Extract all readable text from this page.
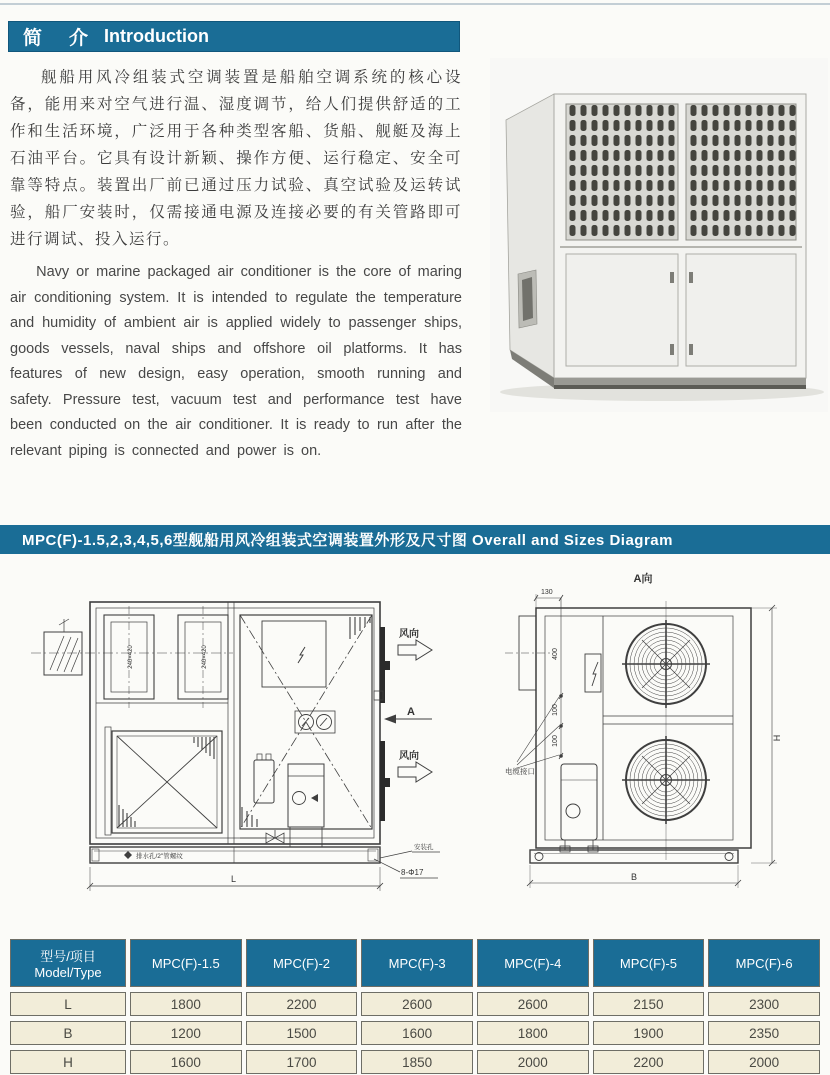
简　介 Introduction

舰船用风冷组装式空调装置是船舶空调系统的核心设备，能用来对空气进行温、湿度调节，给人们提供舒适的工作和生活环境，广泛用于各种类型客船、货船、舰艇及海上石油平台。它具有设计新颖、操作方便、运行稳定、安全可靠等特点。装置出厂前已通过压力试验、真空试验及运转试验，船厂安装时，仅需接通电源及连接必要的有关管路即可进行调试、投入运行。

Navy or marine packaged air conditioner is the core of maring air conditioning system. It is intended to regulate the temperature and humidity of ambient air is applied widely to passenger ships, goods vessels, naval ships and offshore oil platforms. It has features of new design, easy operation, smooth running and safety. Pressure test, vacuum test and performance test have been conducted on the air conditioner. It is ready to run after the relevant piping is connected and power is on.

MPC(F)-1.5,2,3,4,5,6型舰船用风冷组装式空调装置外形及尺寸图 Overall and Sizes Diagram
风向
风向
A
240×420	240×420
排水孔/2"管螺纹
安装孔
8-Φ17
L
A向
130
400
100
100
电缆接口
H
B
型号/项目
Model/Type	MPC(F)-1.5	MPC(F)-2	MPC(F)-3	MPC(F)-4	MPC(F)-5	MPC(F)-6
L	1800	2200	2600	2600	2150	2300
B	1200	1500	1600	1800	1900	2350
H	1600	1700	1850	2000	2200	2000
